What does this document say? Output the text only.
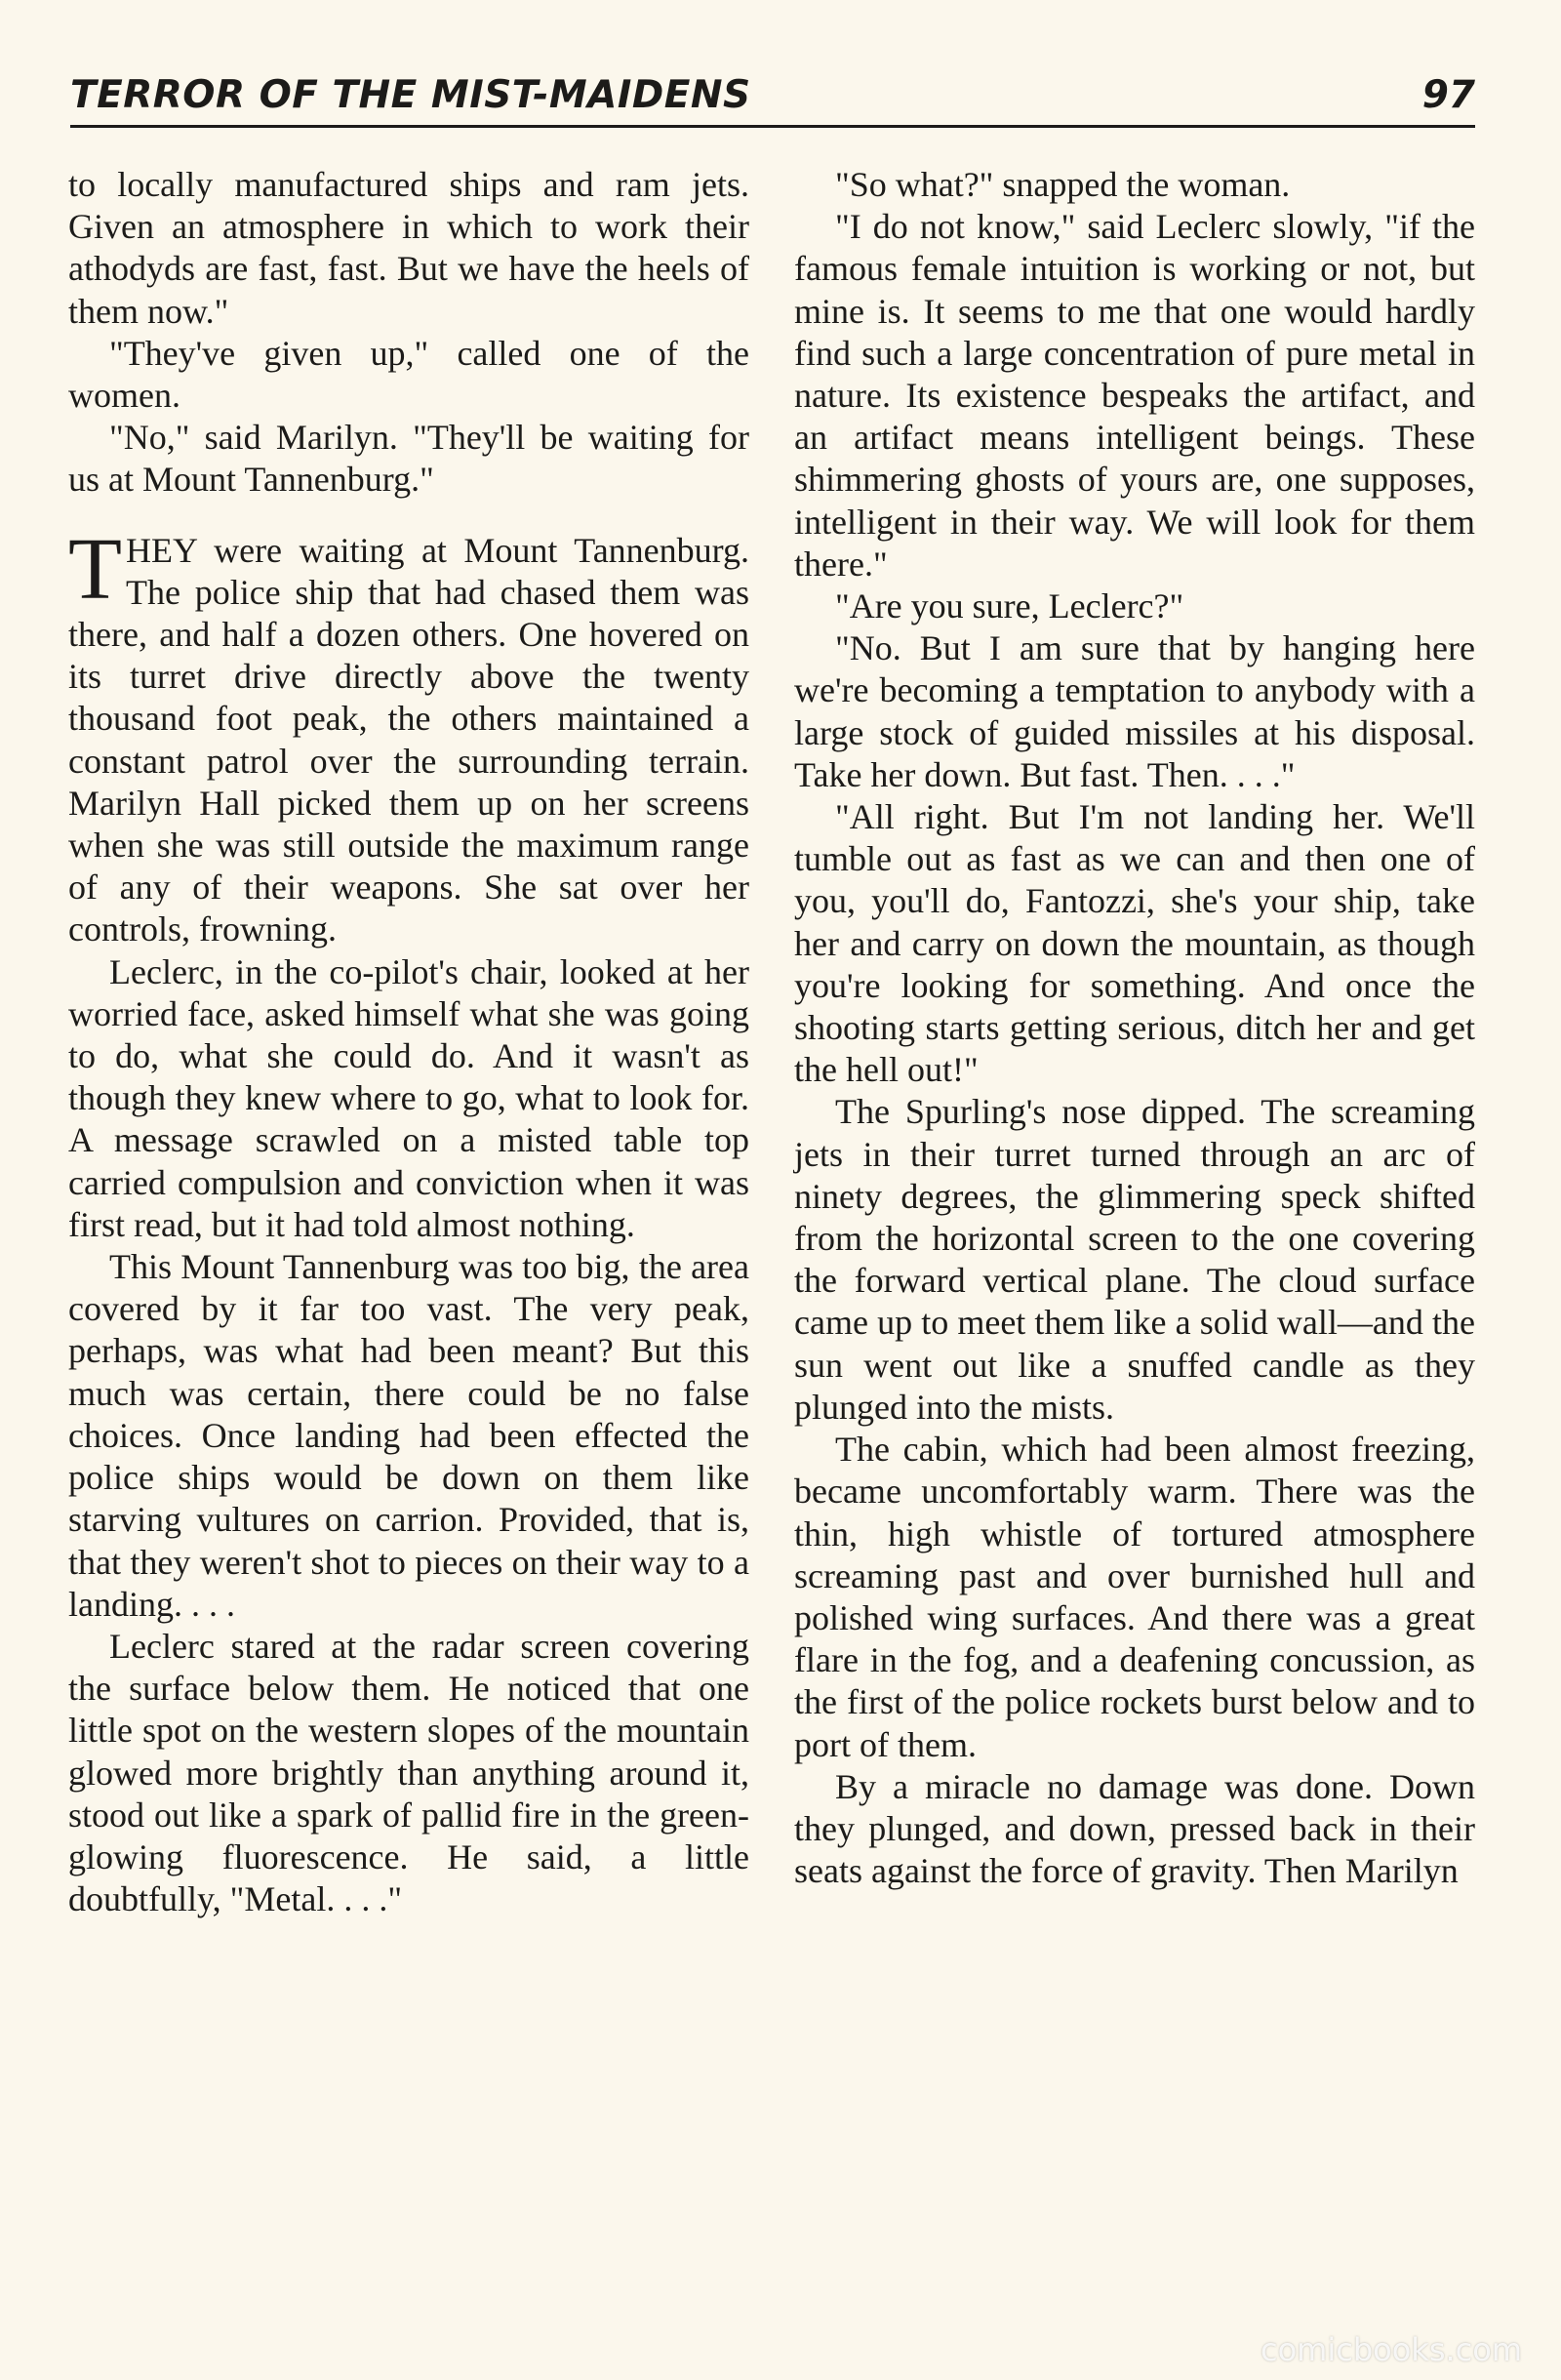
TERROR OF THE MIST-MAIDENS	97

to locally manufactured ships and ram jets. Given an atmosphere in which to work their athodyds are fast, fast. But we have the heels of them now."

"They've given up," called one of the women.

"No," said Marilyn. "They'll be waiting for us at Mount Tannenburg."

THEY were waiting at Mount Tannenburg. The police ship that had chased them was there, and half a dozen others. One hovered on its turret drive directly above the twenty thousand foot peak, the others maintained a constant patrol over the surrounding terrain. Marilyn Hall picked them up on her screens when she was still outside the maximum range of any of their weapons. She sat over her controls, frowning.

Leclerc, in the co-pilot's chair, looked at her worried face, asked himself what she was going to do, what she could do. And it wasn't as though they knew where to go, what to look for. A message scrawled on a misted table top carried compulsion and conviction when it was first read, but it had told almost nothing.

This Mount Tannenburg was too big, the area covered by it far too vast. The very peak, perhaps, was what had been meant? But this much was certain, there could be no false choices. Once landing had been effected the police ships would be down on them like starving vultures on carrion. Provided, that is, that they weren't shot to pieces on their way to a landing. . . .

Leclerc stared at the radar screen covering the surface below them. He noticed that one little spot on the western slopes of the mountain glowed more brightly than anything around it, stood out like a spark of pallid fire in the green-glowing fluorescence. He said, a little doubtfully, "Metal. . . ."

"So what?" snapped the woman.

"I do not know," said Leclerc slowly, "if the famous female intuition is working or not, but mine is. It seems to me that one would hardly find such a large concentration of pure metal in nature. Its existence bespeaks the artifact, and an artifact means intelligent beings. These shimmering ghosts of yours are, one supposes, intelligent in their way. We will look for them there."

"Are you sure, Leclerc?"

"No. But I am sure that by hanging here we're becoming a temptation to anybody with a large stock of guided missiles at his disposal. Take her down. But fast. Then. . . ."

"All right. But I'm not landing her. We'll tumble out as fast as we can and then one of you, you'll do, Fantozzi, she's your ship, take her and carry on down the mountain, as though you're looking for something. And once the shooting starts getting serious, ditch her and get the hell out!"

The Spurling's nose dipped. The screaming jets in their turret turned through an arc of ninety degrees, the glimmering speck shifted from the horizontal screen to the one covering the forward vertical plane. The cloud surface came up to meet them like a solid wall—and the sun went out like a snuffed candle as they plunged into the mists.

The cabin, which had been almost freezing, became uncomfortably warm. There was the thin, high whistle of tortured atmosphere screaming past and over burnished hull and polished wing surfaces. And there was a great flare in the fog, and a deafening concussion, as the first of the police rockets burst below and to port of them.

By a miracle no damage was done. Down they plunged, and down, pressed back in their seats against the force of gravity. Then Marilyn

comicbooks.com
